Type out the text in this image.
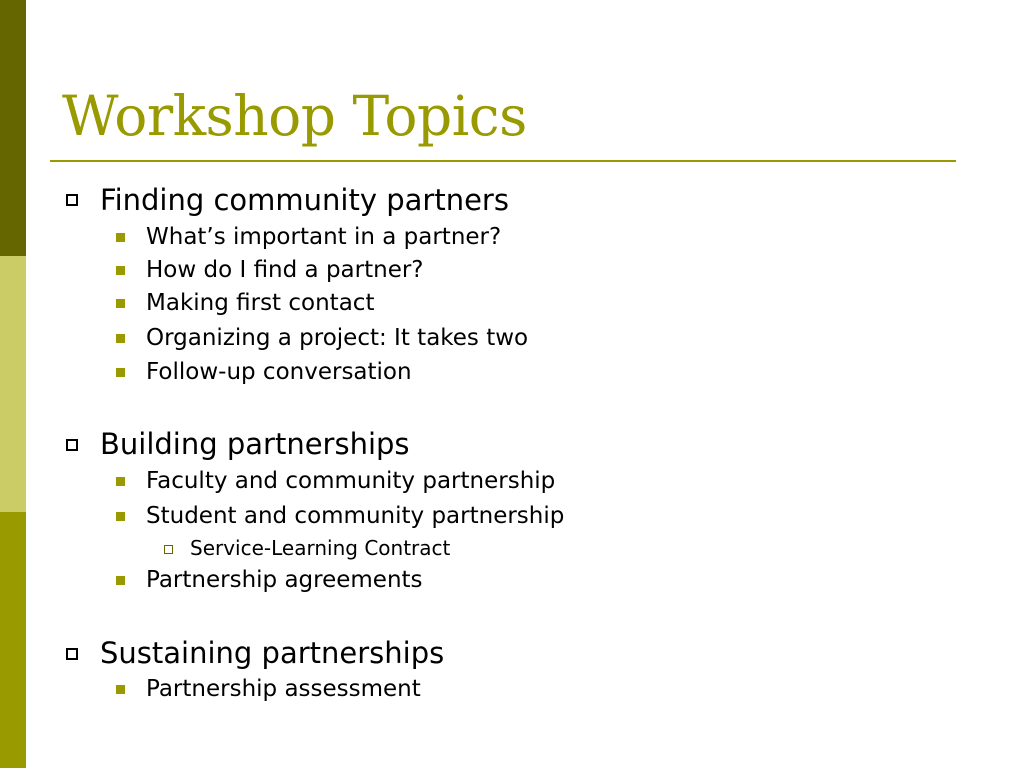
Workshop Topics
Finding community partners
What’s important in a partner?
How do I find a partner?
Making first contact
Organizing a project: It takes two
Follow-up conversation
Building partnerships
Faculty and community partnership
Student and community partnership
Service-Learning Contract
Partnership agreements
Sustaining partnerships
Partnership assessment
